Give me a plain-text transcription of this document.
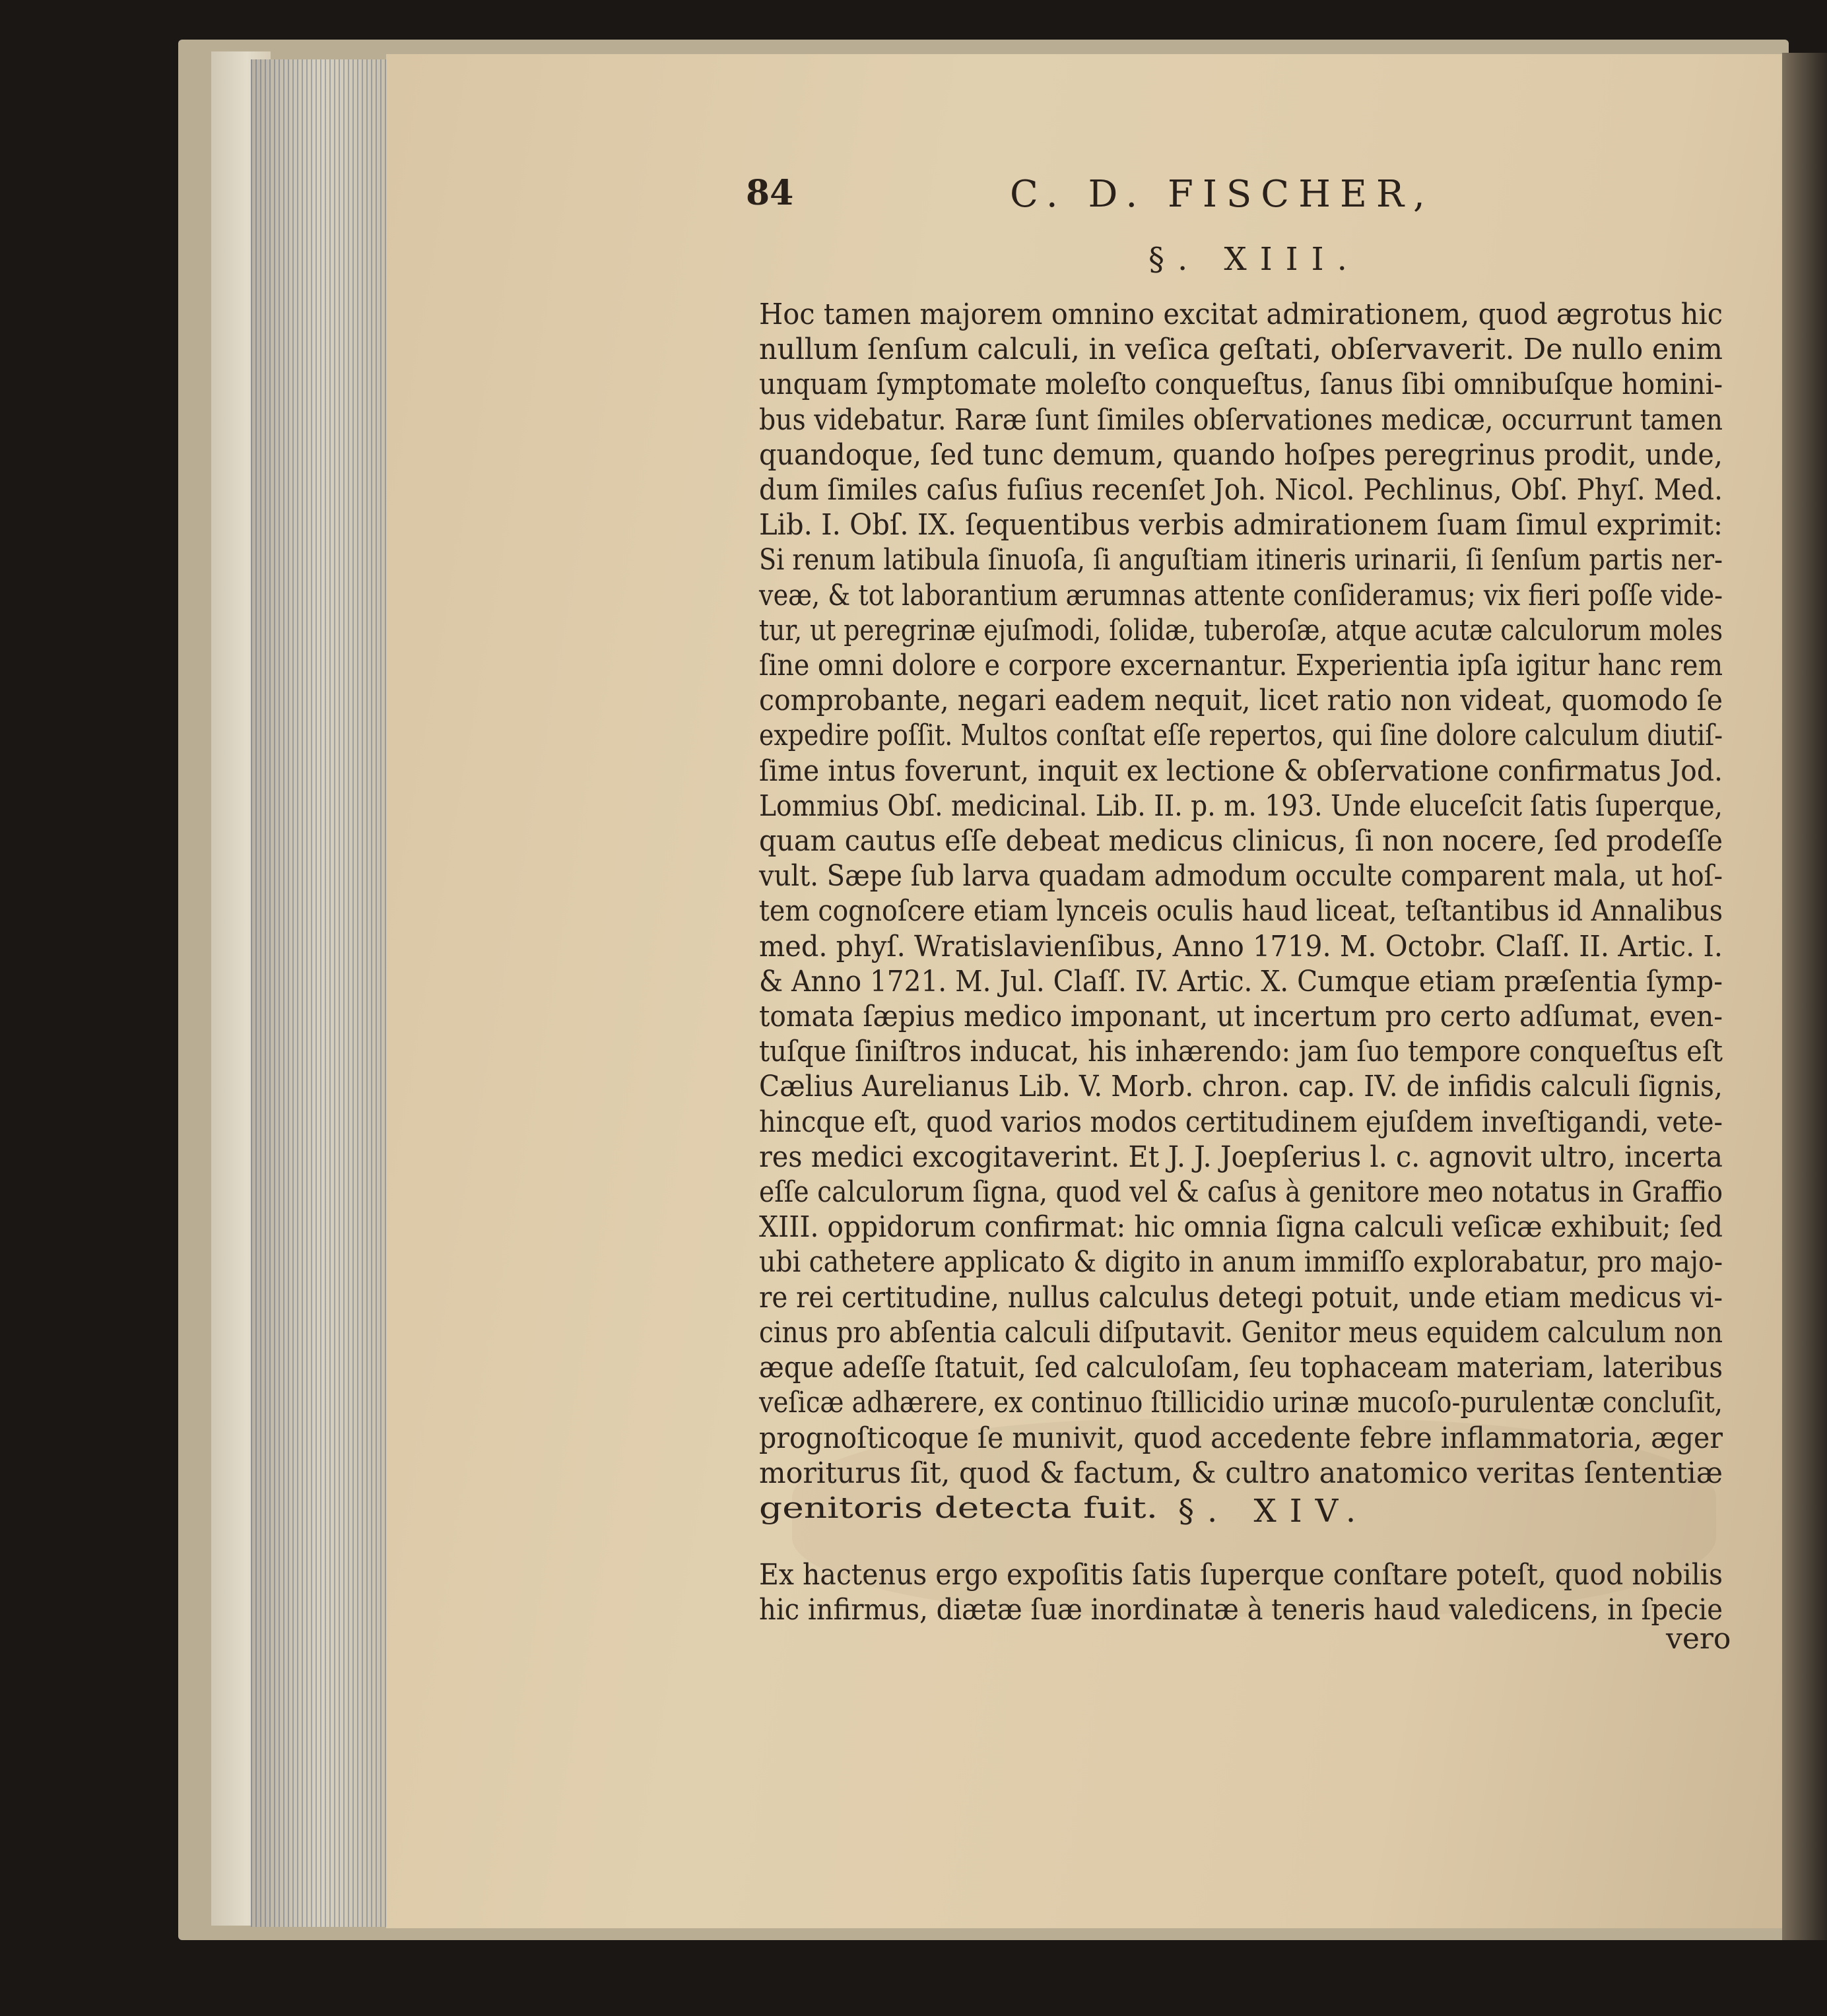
84	C. D. FISCHER,
§. XIII.
Hoc tamen majorem omnino excitat admirationem, quod ægrotus hic
nullum ſenſum calculi, in veſica geſtati, obſervaverit. De nullo enim
unquam ſymptomate moleſto conqueſtus, ſanus ſibi omnibuſque homini-
bus videbatur. Raræ ſunt ſimiles obſervationes medicæ, occurrunt tamen
quandoque, ſed tunc demum, quando hoſpes peregrinus prodit, unde,
dum ſimiles caſus fuſius recenſet Joh. Nicol. Pechlinus, Obſ. Phyſ. Med.
Lib. I. Obſ. IX. ſequentibus verbis admirationem ſuam ſimul exprimit:
Si renum latibula ſinuoſa, ſi anguſtiam itineris urinarii, ſi ſenſum partis ner-
veæ, & tot laborantium ærumnas attente conſideramus; vix fieri poſſe vide-
tur, ut peregrinæ ejuſmodi, ſolidæ, tuberoſæ, atque acutæ calculorum moles
ſine omni dolore e corpore excernantur. Experientia ipſa igitur hanc rem
comprobante, negari eadem nequit, licet ratio non videat, quomodo ſe
expedire poſſit. Multos conſtat eſſe repertos, qui ſine dolore calculum diutiſ-
ſime intus foverunt, inquit ex lectione & obſervatione confirmatus Jod.
Lommius Obſ. medicinal. Lib. II. p. m. 193. Unde eluceſcit ſatis ſuperque,
quam cautus eſſe debeat medicus clinicus, ſi non nocere, ſed prodeſſe
vult. Sæpe ſub larva quadam admodum occulte comparent mala, ut hoſ-
tem cognoſcere etiam lynceis oculis haud liceat, teſtantibus id Annalibus
med. phyſ. Wratislavienſibus, Anno 1719. M. Octobr. Claſſ. II. Artic. I.
& Anno 1721. M. Jul. Claſſ. IV. Artic. X. Cumque etiam præſentia ſymp-
tomata ſæpius medico imponant, ut incertum pro certo adſumat, even-
tuſque ſiniſtros inducat, his inhærendo: jam ſuo tempore conqueſtus eſt
Cælius Aurelianus Lib. V. Morb. chron. cap. IV. de infidis calculi ſignis,
hincque eſt, quod varios modos certitudinem ejuſdem inveſtigandi, vete-
res medici excogitaverint. Et J. J. Joepſerius l. c. agnovit ultro, incerta
eſſe calculorum ſigna, quod vel & caſus à genitore meo notatus in Graffio
XIII. oppidorum confirmat: hic omnia ſigna calculi veſicæ exhibuit; ſed
ubi cathetere applicato & digito in anum immiſſo explorabatur, pro majo-
re rei certitudine, nullus calculus detegi potuit, unde etiam medicus vi-
cinus pro abſentia calculi diſputavit. Genitor meus equidem calculum non
æque adeſſe ſtatuit, ſed calculoſam, ſeu tophaceam materiam, lateribus
veſicæ adhærere, ex continuo ſtillicidio urinæ mucoſo-purulentæ concluſit,
prognoſticoque ſe munivit, quod accedente febre inflammatoria, æger
moriturus ſit, quod & factum, & cultro anatomico veritas ſententiæ
genitoris detecta fuit. §. XIV.
Ex hactenus ergo expoſitis ſatis ſuperque conſtare poteſt, quod nobilis
hic infirmus, diætæ ſuæ inordinatæ à teneris haud valedicens, in ſpecie
vero
